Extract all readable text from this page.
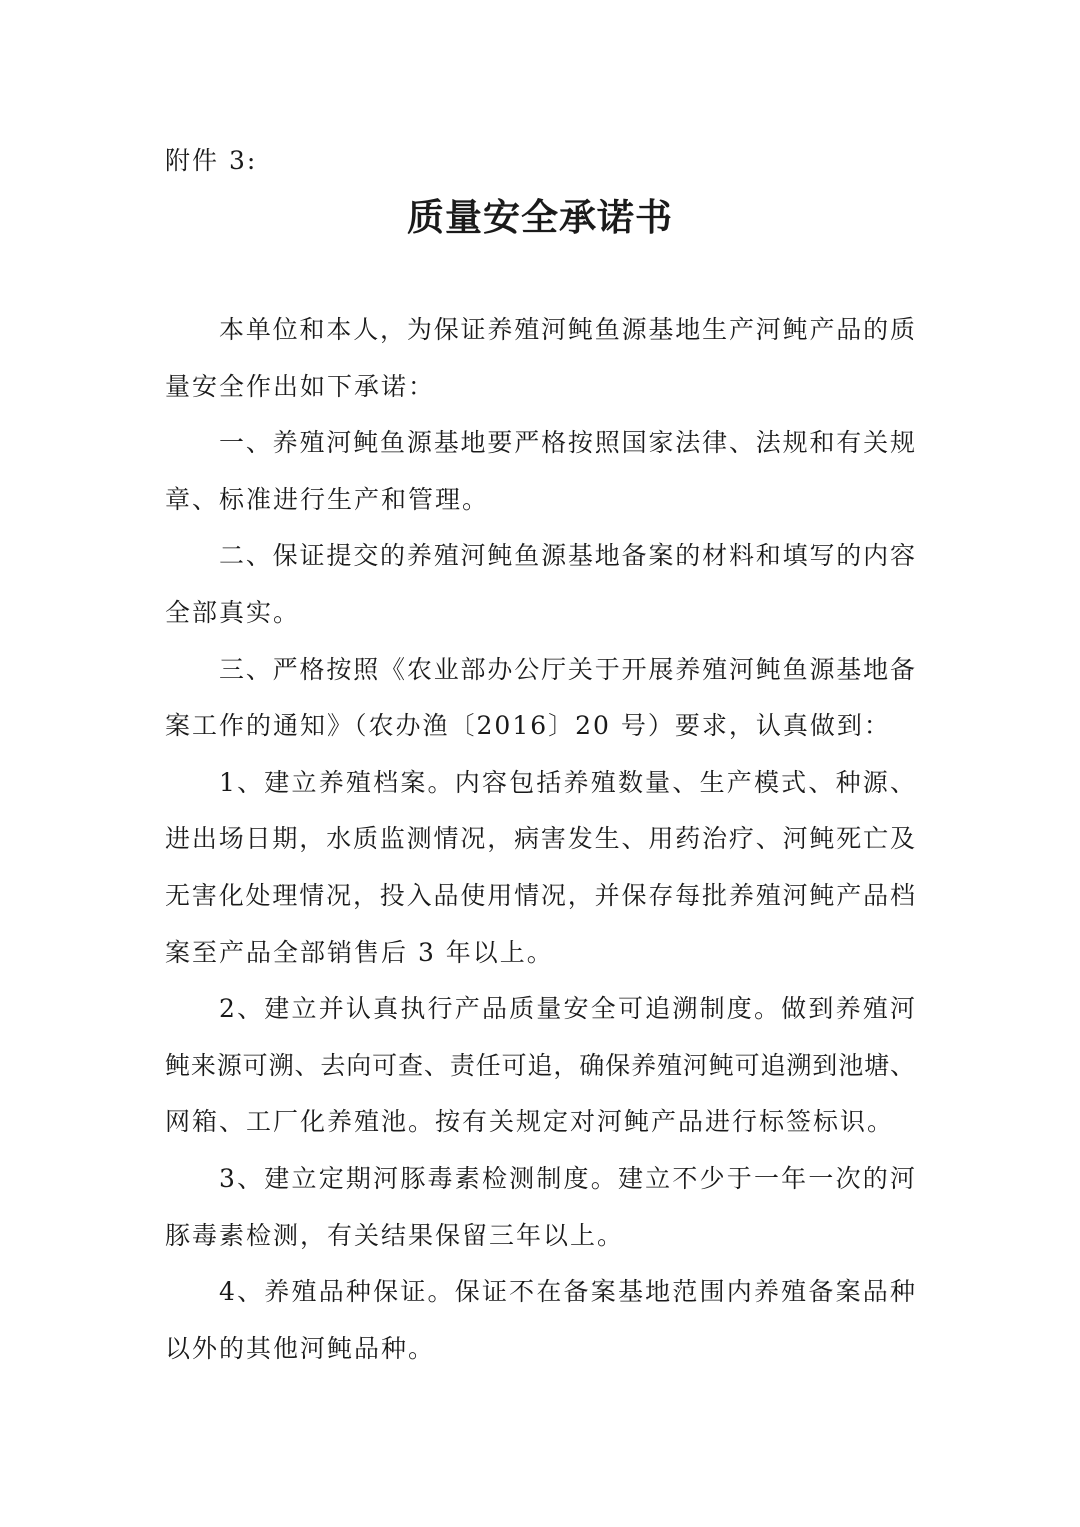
附件 3:
质量安全承诺书
本单位和本人，为保证养殖河鲀鱼源基地生产河鲀产品的质
量安全作出如下承诺：
一、养殖河鲀鱼源基地要严格按照国家法律、法规和有关规
章、标准进行生产和管理。
二、保证提交的养殖河鲀鱼源基地备案的材料和填写的内容
全部真实。
三、严格按照《农业部办公厅关于开展养殖河鲀鱼源基地备
案工作的通知》（农办渔〔2016〕20 号）要求，认真做到：
1、建立养殖档案。内容包括养殖数量、生产模式、种源、
进出场日期，水质监测情况，病害发生、用药治疗、河鲀死亡及
无害化处理情况，投入品使用情况，并保存每批养殖河鲀产品档
案至产品全部销售后 3 年以上。
2、建立并认真执行产品质量安全可追溯制度。做到养殖河
鲀来源可溯、去向可查、责任可追，确保养殖河鲀可追溯到池塘、
网箱、工厂化养殖池。按有关规定对河鲀产品进行标签标识。
3、建立定期河豚毒素检测制度。建立不少于一年一次的河
豚毒素检测，有关结果保留三年以上。
4、养殖品种保证。保证不在备案基地范围内养殖备案品种
以外的其他河鲀品种。
